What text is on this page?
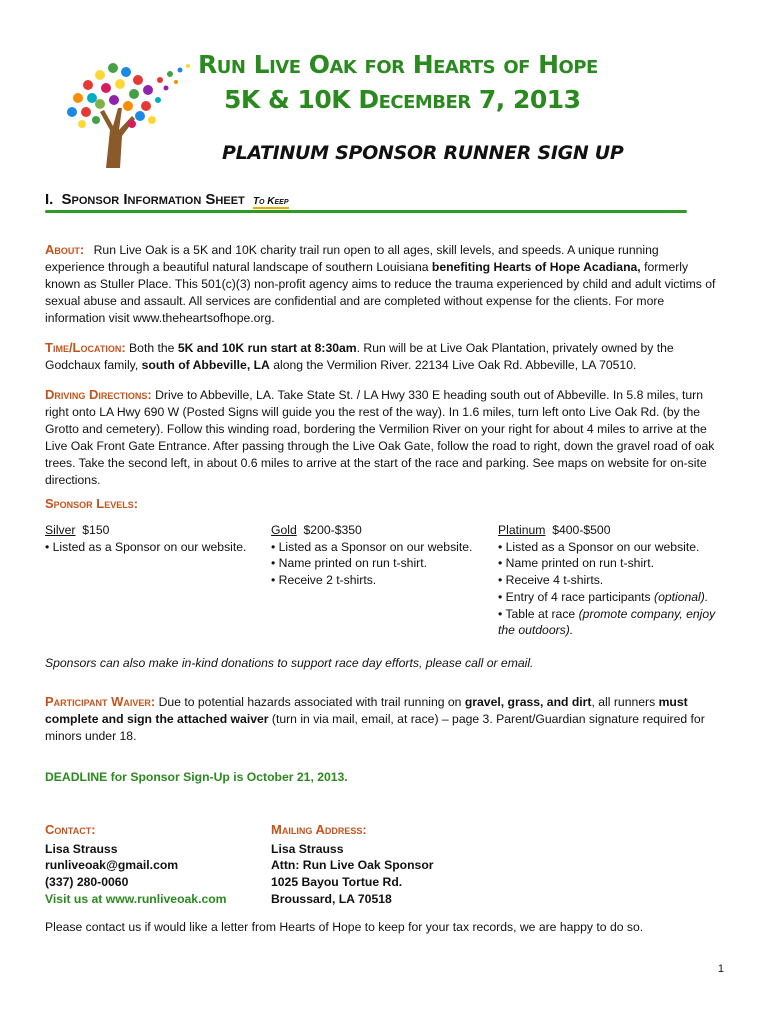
Run Live Oak for Hearts of Hope
5K & 10K December 7, 2013
PLATINUM SPONSOR RUNNER SIGN UP
I. Sponsor Information Sheet To Keep
About: Run Live Oak is a 5K and 10K charity trail run open to all ages, skill levels, and speeds. A unique running experience through a beautiful natural landscape of southern Louisiana benefiting Hearts of Hope Acadiana, formerly known as Stuller Place. This 501(c)(3) non-profit agency aims to reduce the trauma experienced by child and adult victims of sexual abuse and assault. All services are confidential and are completed without expense for the clients. For more information visit www.theheartsofhope.org.
Time/Location: Both the 5K and 10K run start at 8:30am. Run will be at Live Oak Plantation, privately owned by the Godchaux family, south of Abbeville, LA along the Vermilion River. 22134 Live Oak Rd. Abbeville, LA 70510.
Driving Directions: Drive to Abbeville, LA. Take State St. / LA Hwy 330 E heading south out of Abbeville. In 5.8 miles, turn right onto LA Hwy 690 W (Posted Signs will guide you the rest of the way). In 1.6 miles, turn left onto Live Oak Rd. (by the Grotto and cemetery). Follow this winding road, bordering the Vermilion River on your right for about 4 miles to arrive at the Live Oak Front Gate Entrance. After passing through the Live Oak Gate, follow the road to right, down the gravel road of oak trees. Take the second left, in about 0.6 miles to arrive at the start of the race and parking. See maps on website for on-site directions.
Sponsor Levels:
Silver $150
• Listed as a Sponsor on our website.
Gold $200-$350
• Listed as a Sponsor on our website.
• Name printed on run t-shirt.
• Receive 2 t-shirts.
Platinum $400-$500
• Listed as a Sponsor on our website.
• Name printed on run t-shirt.
• Receive 4 t-shirts.
• Entry of 4 race participants (optional).
• Table at race (promote company, enjoy
the outdoors).
Sponsors can also make in-kind donations to support race day efforts, please call or email.
Participant Waiver: Due to potential hazards associated with trail running on gravel, grass, and dirt, all runners must complete and sign the attached waiver (turn in via mail, email, at race) – page 3. Parent/Guardian signature required for minors under 18.
DEADLINE for Sponsor Sign-Up is October 21, 2013.
Contact:
Lisa Strauss
runliveoak@gmail.com
(337) 280-0060
Visit us at www.runliveoak.com
Mailing Address:
Lisa Strauss
Attn: Run Live Oak Sponsor
1025 Bayou Tortue Rd.
Broussard, LA 70518
Please contact us if would like a letter from Hearts of Hope to keep for your tax records, we are happy to do so.
1
